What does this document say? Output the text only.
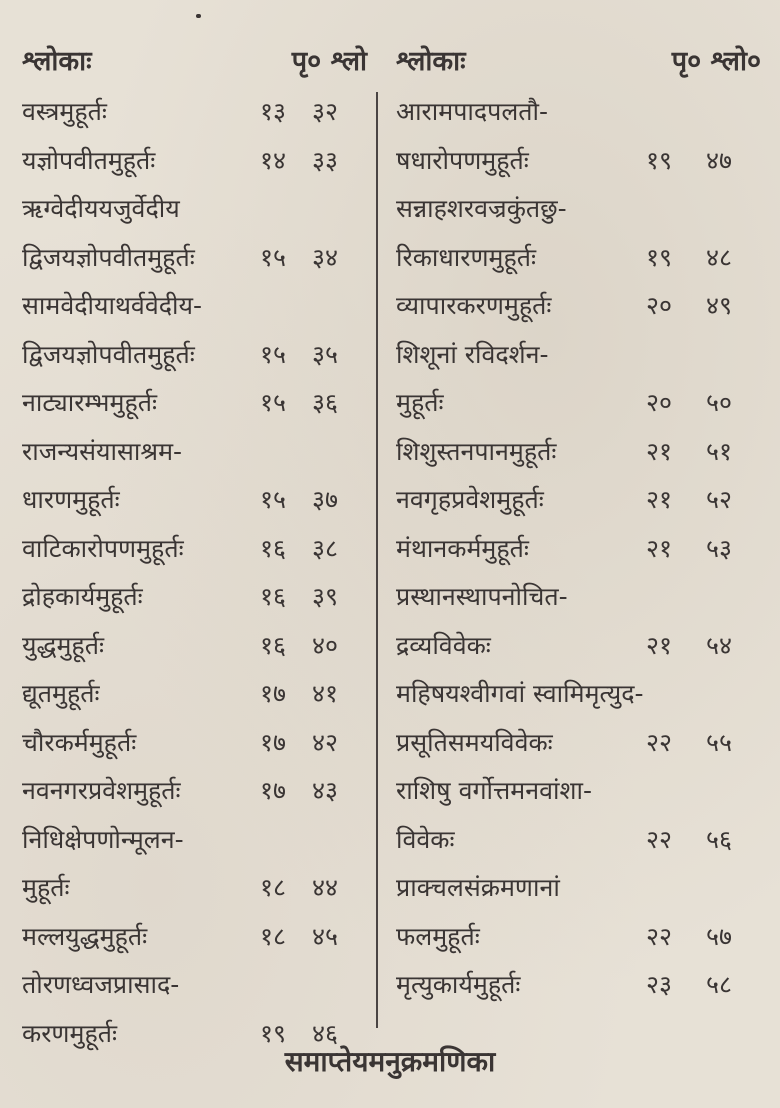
श्लोकाः	पृ० श्लो
वस्त्रमुहूर्तः	१३ ३२
यज्ञोपवीतमुहूर्तः	१४ ३३
ऋग्वेदीययजुर्वेदीय
द्विजयज्ञोपवीतमुहूर्तः	१५ ३४
सामवेदीयाथर्ववेदीय-
द्विजयज्ञोपवीतमुहूर्तः	१५ ३५
नाट्यारम्भमुहूर्तः	१५ ३६
राजन्यसंयासाश्रम-
धारणमुहूर्तः	१५ ३७
वाटिकारोपणमुहूर्तः	१६ ३८
द्रोहकार्यमुहूर्तः	१६ ३९
युद्धमुहूर्तः	१६ ४०
द्यूतमुहूर्तः	१७ ४१
चौरकर्ममुहूर्तः	१७ ४२
नवनगरप्रवेशमुहूर्तः	१७ ४३
निधिक्षेपणोन्मूलन-
मुहूर्तः	१८ ४४
मल्लयुद्धमुहूर्तः	१८ ४५
तोरणध्वजप्रासाद-
करणमुहूर्तः	१९ ४६
श्लोकाः	पृ० श्लो०
आरामपादपलतौ-
षधारोपणमुहूर्तः	१९ ४७
सन्नाहशरवज्रकुंतछु-
रिकाधारणमुहूर्तः	१९ ४८
व्यापारकरणमुहूर्तः	२० ४९
शिशूनां रविदर्शन-
मुहूर्तः	२० ५०
शिशुस्तनपानमुहूर्तः	२१ ५१
नवगृहप्रवेशमुहूर्तः	२१ ५२
मंथानकर्ममुहूर्तः	२१ ५३
प्रस्थानस्थापनोचित-
द्रव्यविवेकः	२१ ५४
महिषयश्वीगवां स्वामिमृत्युद-
प्रसूतिसमयविवेकः	२२ ५५
राशिषु वर्गोत्तमनवांशा-
विवेकः	२२ ५६
प्राक्चलसंक्रमणानां
फलमुहूर्तः	२२ ५७
मृत्युकार्यमुहूर्तः	२३ ५८
समाप्तेयमनुक्रमणिका
